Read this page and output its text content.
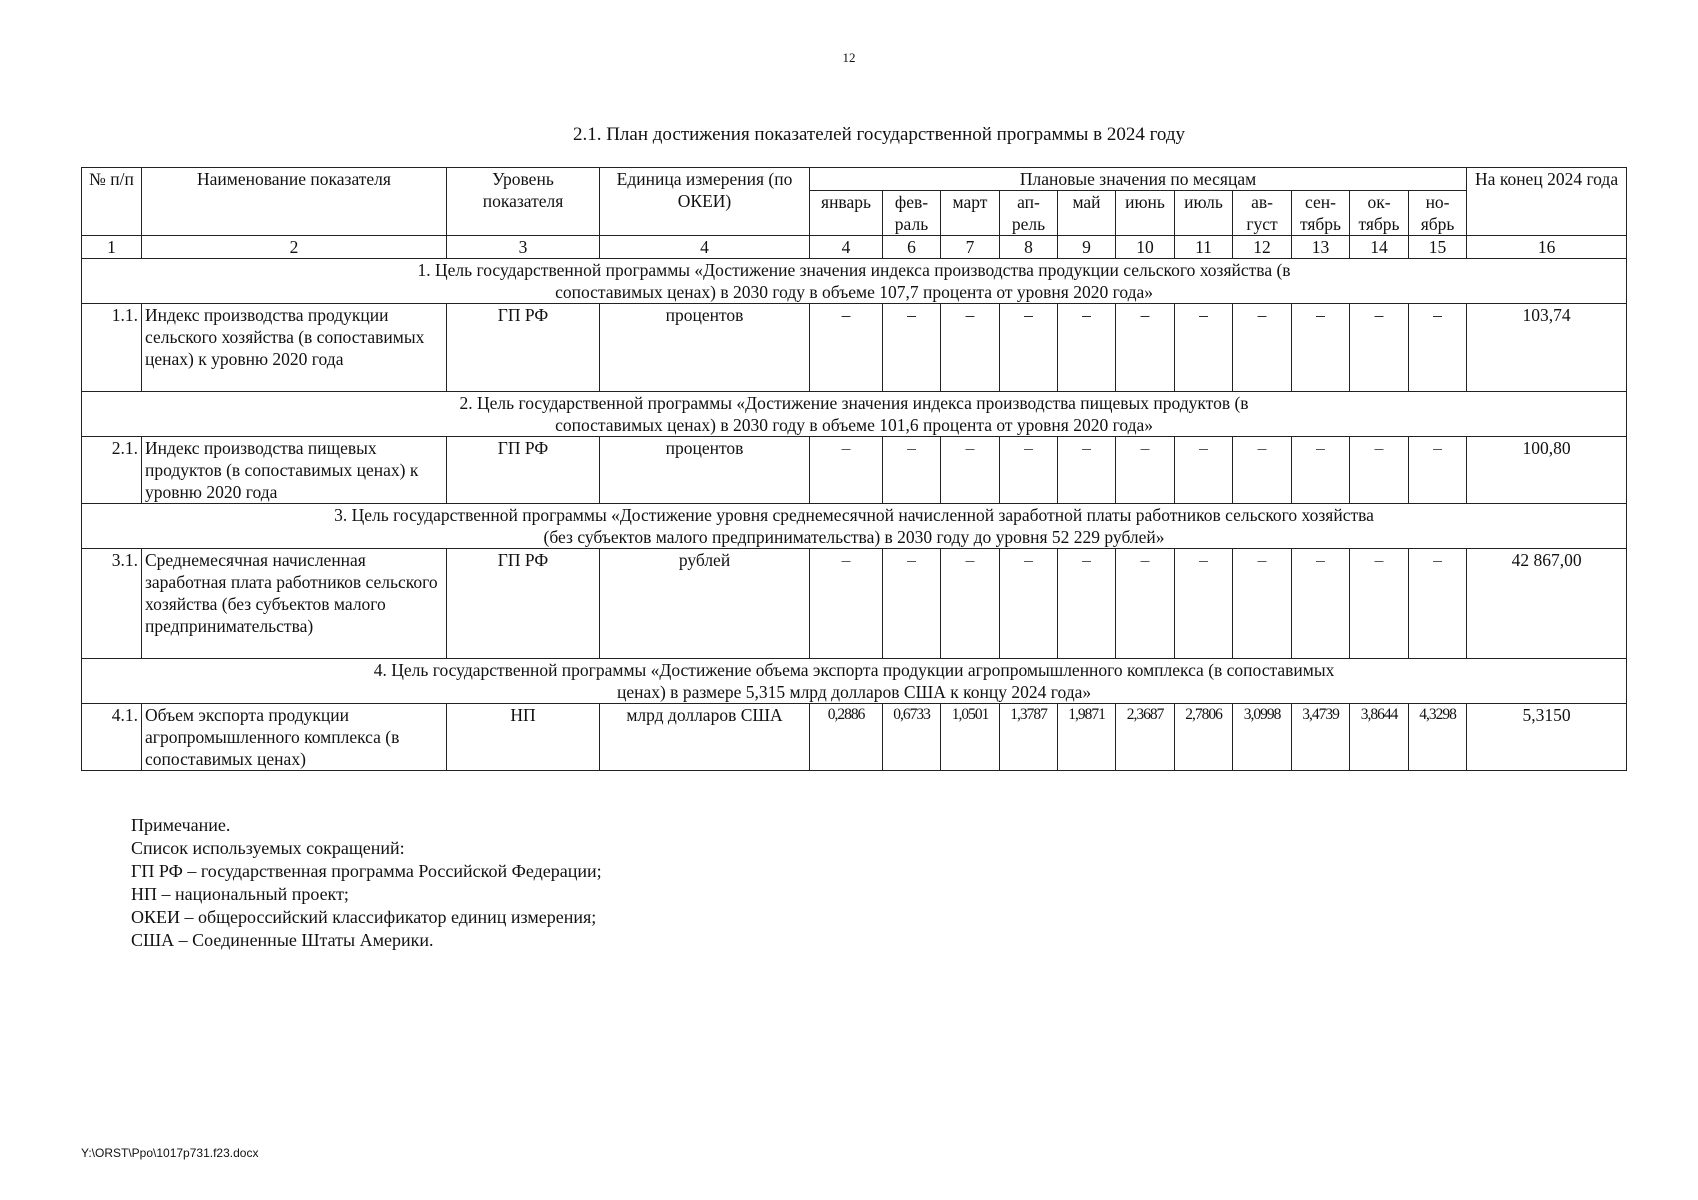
12
2.1. План достижения показателей государственной программы в 2024 году
№ п/п	Наименование показателя	Уровень показателя	Единица измерения (по ОКЕИ)	Плановые значения по месяцам											На конец 2024 года
				январь	фев-раль	март	ап-рель	май	июнь	июль	ав-густ	сен-тябрь	ок-тябрь	но-ябрь	
1	2	3	4	4	6	7	8	9	10	11	12	13	14	15	16
1. Цель государственной программы «Достижение значения индекса производства продукции сельского хозяйства (в сопоставимых ценах) в 2030 году в объеме 107,7 процента от уровня 2020 года»															
1.1.	Индекс производства продукции сельского хозяйства (в сопоставимых ценах) к уровню 2020 года	ГП РФ	процентов	–	–	–	–	–	–	–	–	–	–	–	103,74
2. Цель государственной программы «Достижение значения индекса производства пищевых продуктов (в сопоставимых ценах) в 2030 году в объеме 101,6 процента от уровня 2020 года»															
2.1.	Индекс производства пищевых продуктов (в сопоставимых ценах) к уровню 2020 года	ГП РФ	процентов	–	–	–	–	–	–	–	–	–	–	–	100,80
3. Цель государственной программы «Достижение уровня среднемесячной начисленной заработной платы работников сельского хозяйства (без субъектов малого предпринимательства) в 2030 году до уровня 52 229 рублей»															
3.1.	Среднемесячная начисленная заработная плата работников сельского хозяйства (без субъектов малого предпринимательства)	ГП РФ	рублей	–	–	–	–	–	–	–	–	–	–	–	42 867,00
4. Цель государственной программы «Достижение объема экспорта продукции агропромышленного комплекса (в сопоставимых ценах) в размере 5,315 млрд долларов США к концу 2024 года»															
4.1.	Объем экспорта продукции агропромышленного комплекса (в сопоставимых ценах)	НП	млрд долларов США	0,2886	0,6733	1,0501	1,3787	1,9871	2,3687	2,7806	3,0998	3,4739	3,8644	4,3298	5,3150
Примечание.
Список используемых сокращений:
ГП РФ – государственная программа Российской Федерации;
НП – национальный проект;
ОКЕИ – общероссийский классификатор единиц измерения;
США – Соединенные Штаты Америки.
Y:\ORST\Ppo\1017p731.f23.docx
